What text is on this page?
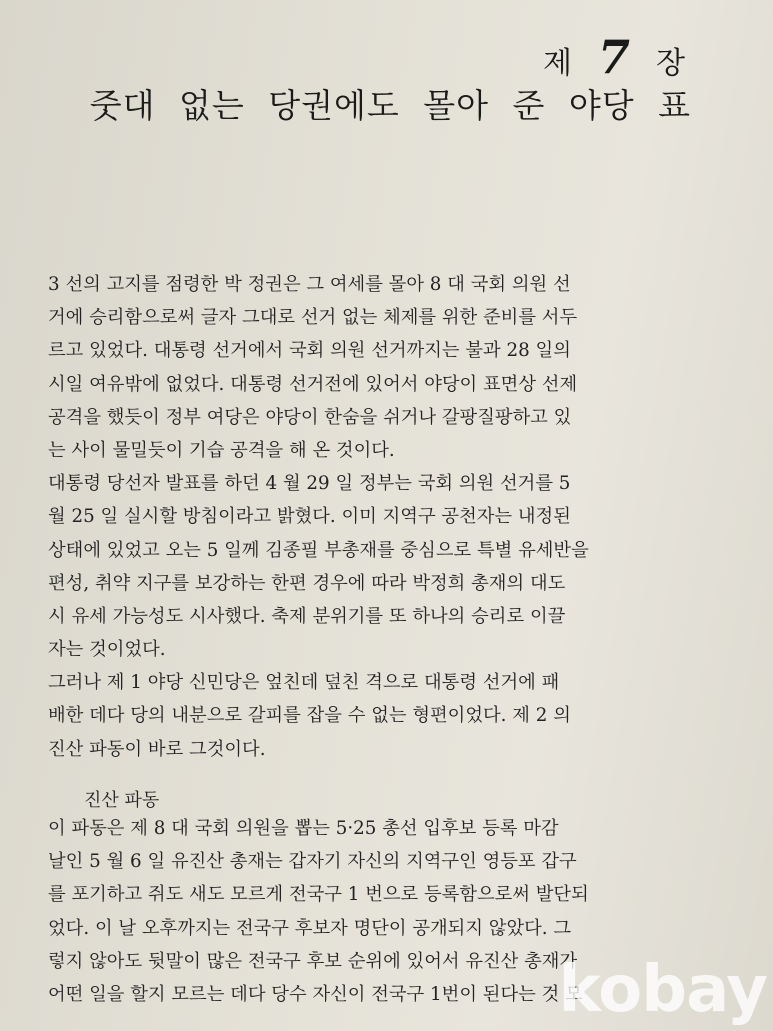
제 7 장
줏대 없는 당권에도 몰아 준 야당 표
3 선의 고지를 점령한 박 정권은 그 여세를 몰아 8 대 국회 의원 선
거에 승리함으로써 글자 그대로 선거 없는 체제를 위한 준비를 서두
르고 있었다. 대통령 선거에서 국회 의원 선거까지는 불과 28 일의
시일 여유밖에 없었다. 대통령 선거전에 있어서 야당이 표면상 선제
공격을 했듯이 정부 여당은 야당이 한숨을 쉬거나 갈팡질팡하고 있
는 사이 물밀듯이 기습 공격을 해 온 것이다.
대통령 당선자 발표를 하던 4 월 29 일 정부는 국회 의원 선거를 5
월 25 일 실시할 방침이라고 밝혔다. 이미 지역구 공천자는 내정된
상태에 있었고 오는 5 일께 김종필 부총재를 중심으로 특별 유세반을
편성, 취약 지구를 보강하는 한편 경우에 따라 박정희 총재의 대도
시 유세 가능성도 시사했다. 축제 분위기를 또 하나의 승리로 이끌
자는 것이었다.
그러나 제 1 야당 신민당은 엎친데 덮친 격으로 대통령 선거에 패
배한 데다 당의 내분으로 갈피를 잡을 수 없는 형편이었다. 제 2 의
진산 파동이 바로 그것이다.
진산 파동
이 파동은 제 8 대 국회 의원을 뽑는 5·25 총선 입후보 등록 마감
날인 5 월 6 일 유진산 총재는 갑자기 자신의 지역구인 영등포 갑구
를 포기하고 쥐도 새도 모르게 전국구 1 번으로 등록함으로써 발단되
었다. 이 날 오후까지는 전국구 후보자 명단이 공개되지 않았다. 그
렇지 않아도 뒷말이 많은 전국구 후보 순위에 있어서 유진산 총재가
어떤 일을 할지 모르는 데다 당수 자신이 전국구 1번이 된다는 것 모
kobay
